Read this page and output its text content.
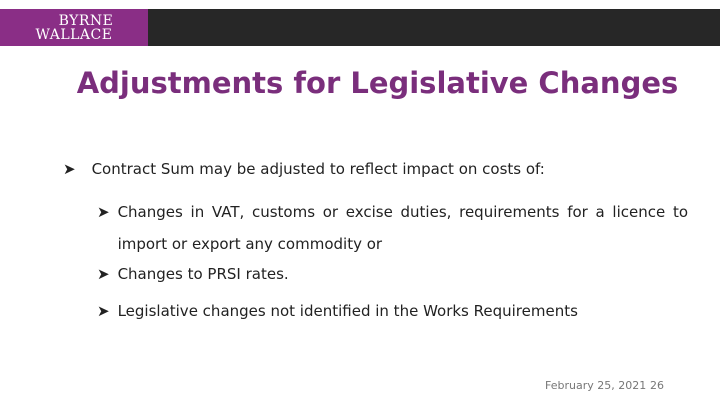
BYRNE
WALLACE
Adjustments for Legislative Changes
➤ Contract Sum may be adjusted to reflect impact on costs of:
➤ Changes in VAT, customs or excise duties, requirements for a licence to import or export any commodity or
➤ Changes to PRSI rates.
➤ Legislative changes not identified in the Works Requirements
February 25, 2021 26
